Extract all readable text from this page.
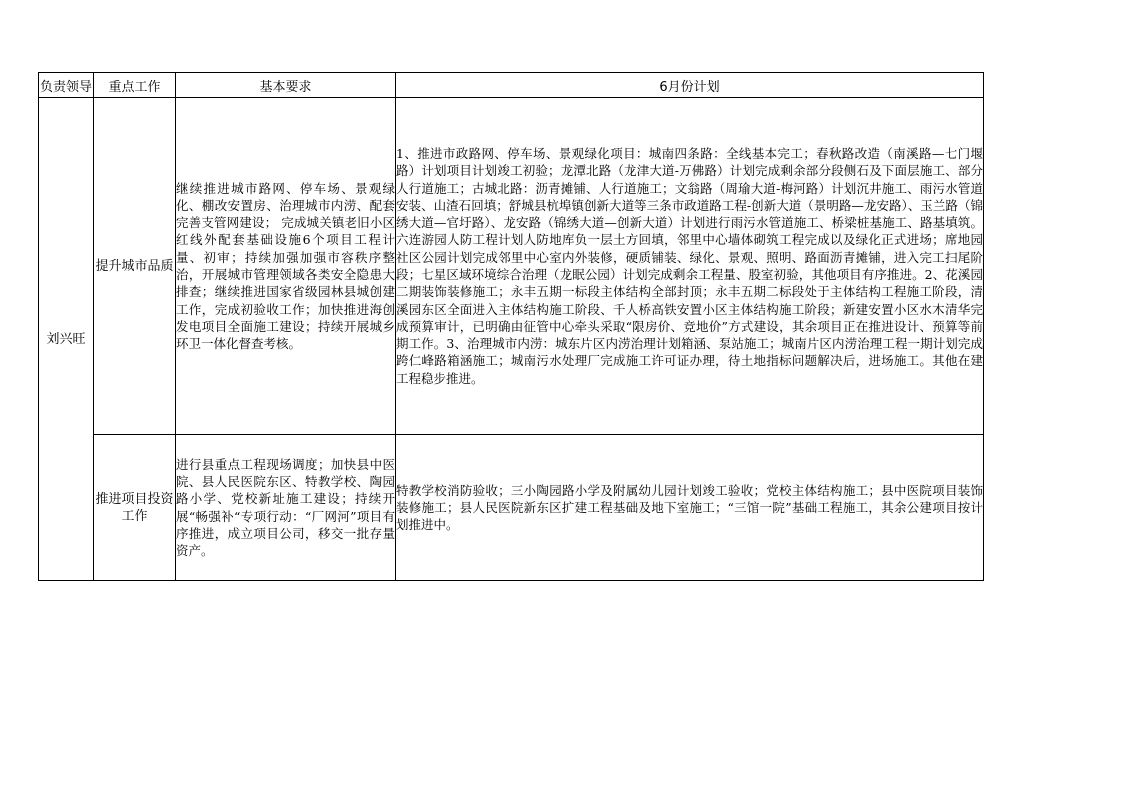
负责领导	重点工作	基本要求	6月份计划
刘兴旺	提升城市品质	继续推进城市路网、停车场、景观绿化、棚改安置房、治理城市内涝、配套完善支管网建设； 完成城关镇老旧小区红线外配套基础设施6个项目工程计量、初审；持续加强加强市容秩序整治，开展城市管理领域各类安全隐患大排查；继续推进国家省级园林县城创建工作，完成初验收工作；加快推进海创发电项目全面施工建设；持续开展城乡环卫一体化督查考核。	1、推进市政路网、停车场、景观绿化项目：城南四条路：全线基本完工；春秋路改造（南溪路—七门堰路）计划项目计划竣工初验；龙潭北路（龙津大道-万佛路）计划完成剩余部分段侧石及下面层施工、部分人行道施工；古城北路：沥青摊铺、人行道施工；文翁路（周瑜大道-梅河路）计划沉井施工、雨污水管道安装、山渣石回填；舒城县杭埠镇创新大道等三条市政道路工程-创新大道（景明路—龙安路）、玉兰路（锦绣大道—官圩路）、龙安路（锦绣大道—创新大道）计划进行雨污水管道施工、桥梁桩基施工、路基填筑。六连游园人防工程计划人防地库负一层土方回填，邻里中心墙体砌筑工程完成以及绿化正式进场；席地园社区公园计划完成邻里中心室内外装修，硬质铺装、绿化、景观、照明、路面沥青摊铺，进入完工扫尾阶段；七星区域环境综合治理（龙眠公园）计划完成剩余工程量、股室初验，其他项目有序推进。2、花溪园二期装饰装修施工；永丰五期一标段主体结构全部封顶；永丰五期二标段处于主体结构工程施工阶段，清溪园东区全面进入主体结构施工阶段、千人桥高铁安置小区主体结构施工阶段；新建安置小区水木清华完成预算审计，已明确由征管中心牵头采取“限房价、竞地价”方式建设，其余项目正在推进设计、预算等前期工作。3、治理城市内涝：城东片区内涝治理计划箱涵、泵站施工；城南片区内涝治理工程一期计划完成跨仁峰路箱涵施工；城南污水处理厂完成施工许可证办理，待土地指标问题解决后，进场施工。其他在建工程稳步推进。
	推进项目投资工作	进行县重点工程现场调度；加快县中医院、县人民医院东区、特教学校、陶园路小学、党校新址施工建设；持续开展“畅强补“专项行动：“厂网河”项目有序推进，成立项目公司，移交一批存量资产。	特教学校消防验收；三小陶园路小学及附属幼儿园计划竣工验收；党校主体结构施工；县中医院项目装饰装修施工；县人民医院新东区扩建工程基础及地下室施工；“三馆一院”基础工程施工，其余公建项目按计划推进中。
